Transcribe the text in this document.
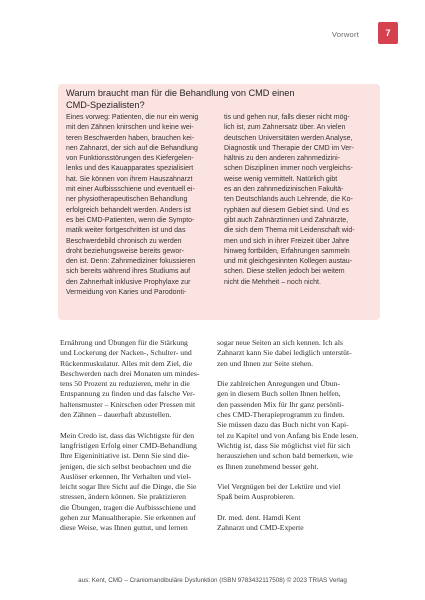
Vorwort	7
Warum braucht man für die Behandlung von CMD einen
CMD-Spezialisten?
Eines vorweg: Patienten, die nur ein wenig
mit den Zähnen knirschen und keine wei-
teren Beschwerden haben, brauchen kei-
nen Zahnarzt, der sich auf die Behandlung
von Funktionsstörungen des Kiefergelen-
lenks und des Kauapparates spezialisiert
hat. Sie können von ihrem Hauszahnarzt
mit einer Aufbissschiene und eventuell ei-
ner physiotherapeutischen Behandlung
erfolgreich behandelt werden. Anders ist
es bei CMD-Patienten, wenn die Sympto-
matik weiter fortgeschritten ist und das
Beschwerdebild chronisch zu werden
droht beziehungsweise bereits gewor-
den ist. Denn: Zahnmediziner fokussieren
sich bereits während ihres Studiums auf
den Zahnerhalt inklusive Prophylaxe zur
Vermeidung von Karies und Parodonti-
tis und gehen nur, falls dieser nicht mög-
lich ist, zum Zahnersatz über. An vielen
deutschen Universitäten werden Analyse,
Diagnostik und Therapie der CMD im Ver-
hältnis zu den anderen zahnmedizini-
schen Disziplinen immer noch vergleichs-
weise wenig vermittelt. Natürlich gibt
es an den zahnmedizinischen Fakultä-
ten Deutschlands auch Lehrende, die Ko-
ryphäen auf diesem Gebiet sind. Und es
gibt auch Zahnärztinnen und Zahnärzte,
die sich dem Thema mit Leidenschaft wid-
men und sich in ihrer Freizeit über Jahre
hinweg fortbilden, Erfahrungen sammeln
und mit gleichgesinnten Kollegen austau-
schen. Diese stellen jedoch bei weitem
nicht die Mehrheit – noch nicht.

Ernährung und Übungen für die Stärkung
und Lockerung der Nacken-, Schulter- und
Rückenmuskulatur. Alles mit dem Ziel, die
Beschwerden nach drei Monaten um mindes-
tens 50 Prozent zu reduzieren, mehr in die
Entspannung zu finden und das falsche Ver-
haltensmuster – Knirschen oder Pressen mit
den Zähnen – dauerhaft abzustellen.

Mein Credo ist, dass das Wichtigste für den
langfristigen Erfolg einer CMD-Behandlung
Ihre Eigeninitiative ist. Denn Sie sind die-
jenigen, die sich selbst beobachten und die
Auslöser erkennen, Ihr Verhalten und viel-
leicht sogar Ihre Sicht auf die Dinge, die Sie
stressen, ändern können. Sie praktizieren
die Übungen, tragen die Aufbissschiene und
gehen zur Manualtherapie. Sie erkennen auf
diese Weise, was Ihnen guttut, und lernen

sogar neue Seiten an sich kennen. Ich als
Zahnarzt kann Sie dabei lediglich unterstüt-
zen und Ihnen zur Seite stehen.

Die zahlreichen Anregungen und Übun-
gen in diesem Buch sollen Ihnen helfen,
den passenden Mix für Ihr ganz persönli-
ches CMD-Therapieprogramm zu finden.
Sie müssen dazu das Buch nicht von Kapi-
tel zu Kapitel und von Anfang bis Ende lesen.
Wichtig ist, dass Sie möglichst viel für sich
herausziehen und schon bald bemerken, wie
es Ihnen zunehmend besser geht.

Viel Vergnügen bei der Lektüre und viel
Spaß beim Ausprobieren.

Dr. med. dent. Hamdi Kent
Zahnarzt und CMD-Experte

aus: Kent, CMD – Craniomandibuläre Dysfunktion (ISBN 9783432117508) © 2023 TRIAS Verlag
